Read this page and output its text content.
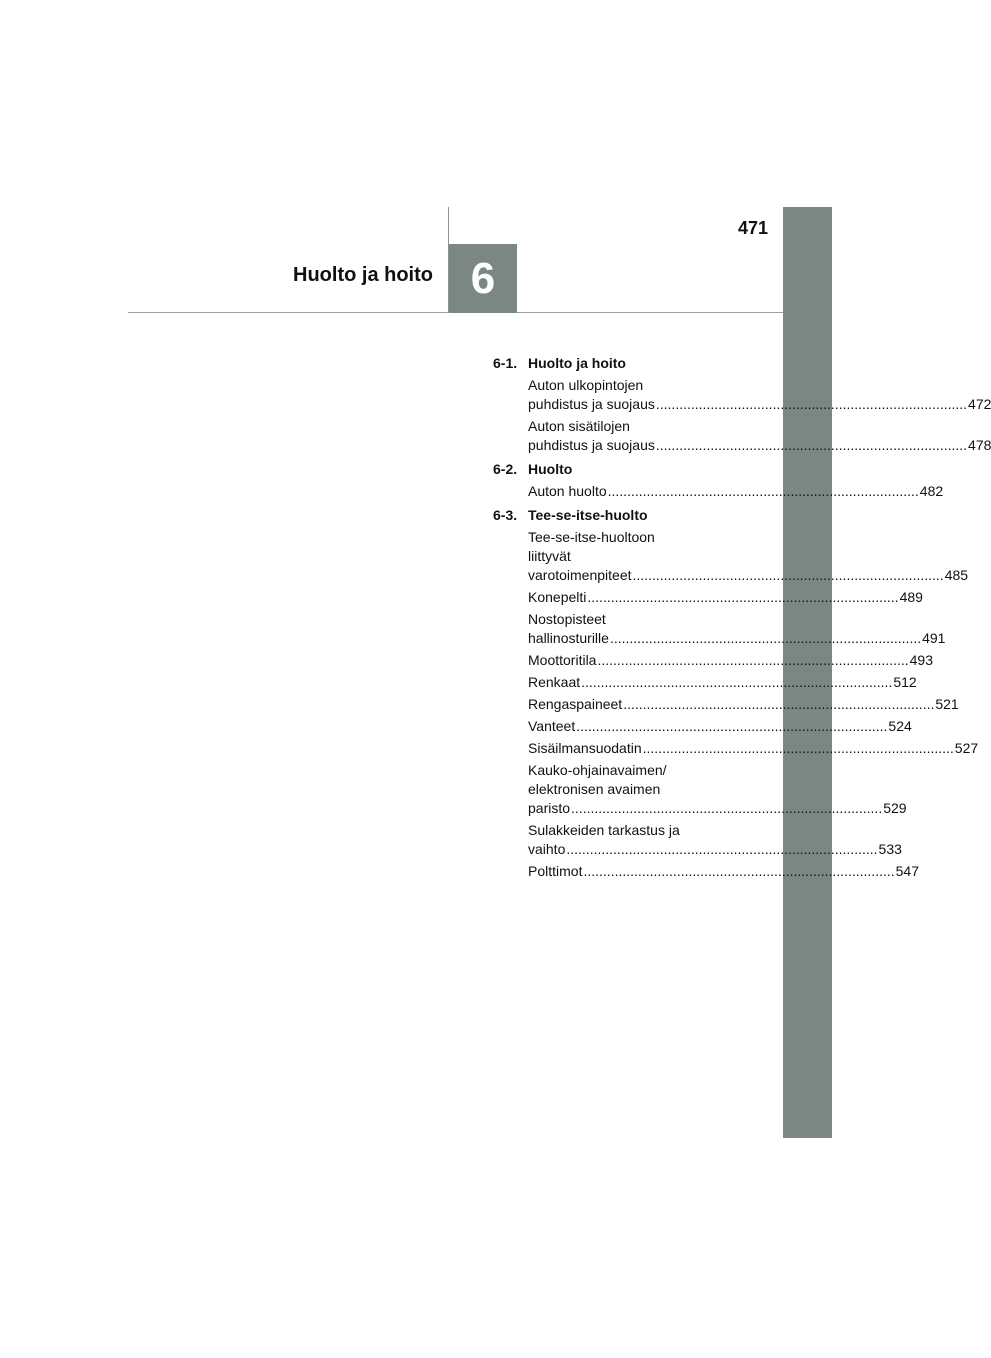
6
Huolto ja hoito
471
6-1. Huolto ja hoito
Auton ulkopintojen
puhdistus ja suojaus................................................................................472
Auton sisätilojen
puhdistus ja suojaus................................................................................478
6-2. Huolto
Auton huolto................................................................................482
6-3. Tee-se-itse-huolto
Tee-se-itse-huoltoon
liittyvät
varotoimenpiteet................................................................................485
Konepelti................................................................................489
Nostopisteet
hallinosturille................................................................................491
Moottoritila................................................................................493
Renkaat................................................................................512
Rengaspaineet................................................................................521
Vanteet................................................................................524
Sisäilmansuodatin................................................................................527
Kauko-ohjainavaimen/
elektronisen avaimen
paristo................................................................................529
Sulakkeiden tarkastus ja
vaihto................................................................................533
Polttimot................................................................................547
